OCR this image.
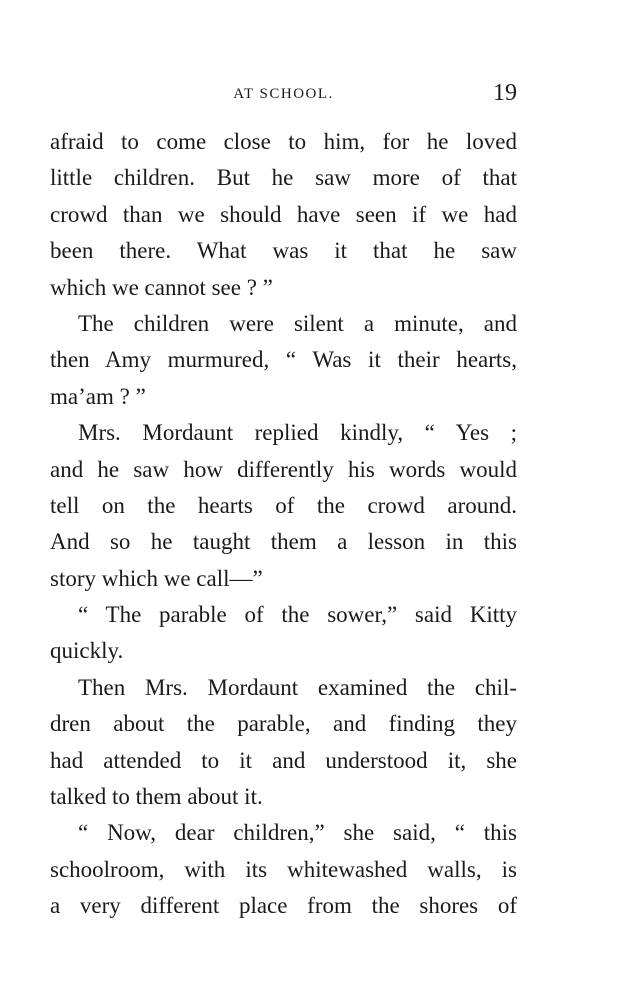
AT SCHOOL.	19
afraid to come close to him, for he loved
little children. But he saw more of that
crowd than we should have seen if we had
been there. What was it that he saw
which we cannot see ? ”
The children were silent a minute, and
then Amy murmured, “ Was it their hearts,
ma’am ? ”
Mrs. Mordaunt replied kindly, “ Yes ;
and he saw how differently his words would
tell on the hearts of the crowd around.
And so he taught them a lesson in this
story which we call—”
“ The parable of the sower,” said Kitty
quickly.
Then Mrs. Mordaunt examined the chil-
dren about the parable, and finding they
had attended to it and understood it, she
talked to them about it.
“ Now, dear children,” she said, “ this
schoolroom, with its whitewashed walls, is
a very different place from the shores of
